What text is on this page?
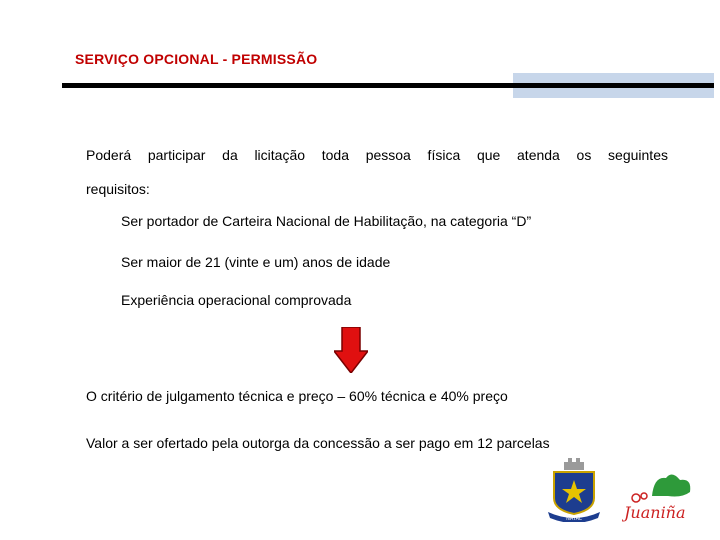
SERVIÇO OPCIONAL - PERMISSÃO
Poderá participar da licitação toda pessoa física que atenda os seguintes
requisitos:
Ser portador de Carteira Nacional de Habilitação, na categoria “D”
Ser maior de 21 (vinte e um) anos de idade
Experiência operacional comprovada
O critério de julgamento técnica e preço – 60% técnica e 40% preço
Valor a ser ofertado pela outorga da concessão a ser pago em 12 parcelas
NATAL	Juaniña
